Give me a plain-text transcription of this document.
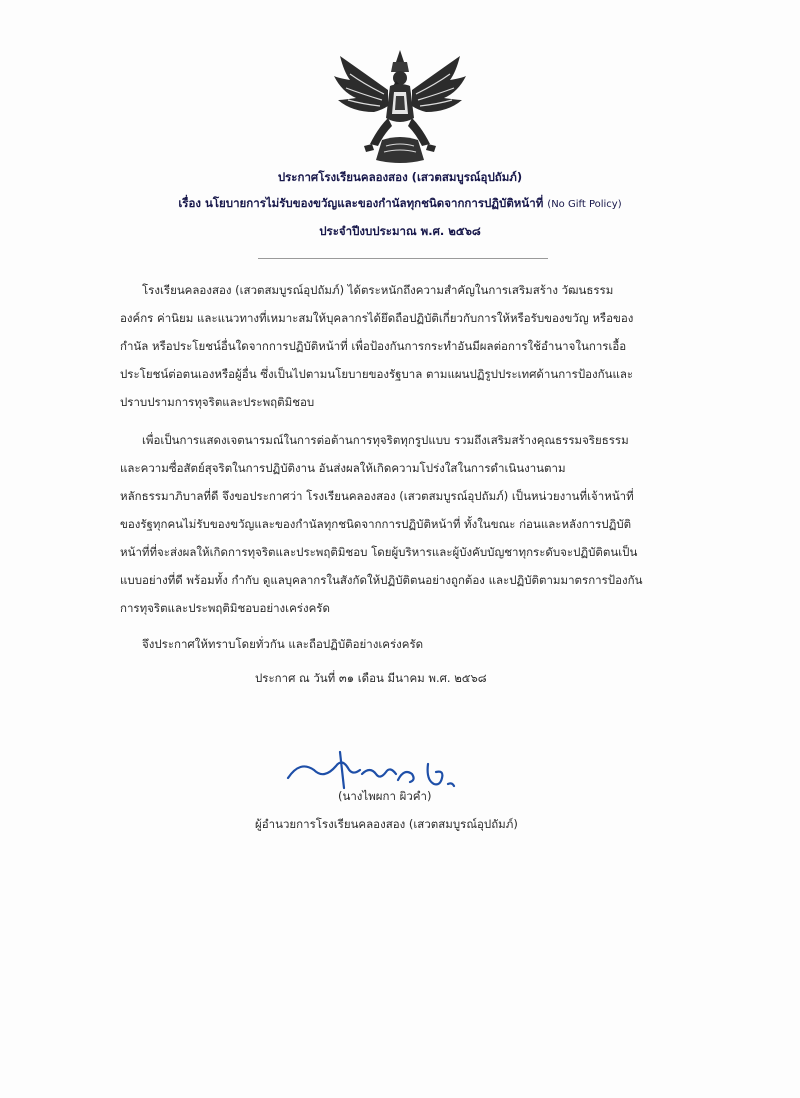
ประกาศโรงเรียนคลองสอง (เสวตสมบูรณ์อุปถัมภ์)
เรื่อง นโยบายการไม่รับของขวัญและของกำนัลทุกชนิดจากการปฏิบัติหน้าที่ (No Gift Policy)
ประจำปีงบประมาณ พ.ศ. ๒๕๖๘
โรงเรียนคลองสอง (เสวตสมบูรณ์อุปถัมภ์) ได้ตระหนักถึงความสำคัญในการเสริมสร้าง วัฒนธรรม
องค์กร ค่านิยม และแนวทางที่เหมาะสมให้บุคลากรได้ยึดถือปฏิบัติเกี่ยวกับการให้หรือรับของขวัญ หรือของ
กำนัล หรือประโยชน์อื่นใดจากการปฏิบัติหน้าที่ เพื่อป้องกันการกระทำอันมีผลต่อการใช้อำนาจในการเอื้อ
ประโยชน์ต่อตนเองหรือผู้อื่น ซึ่งเป็นไปตามนโยบายของรัฐบาล ตามแผนปฏิรูปประเทศด้านการป้องกันและ
ปราบปรามการทุจริตและประพฤติมิชอบ
เพื่อเป็นการแสดงเจตนารมณ์ในการต่อต้านการทุจริตทุกรูปแบบ รวมถึงเสริมสร้างคุณธรรมจริยธรรม
และความซื่อสัตย์สุจริตในการปฏิบัติงาน อันส่งผลให้เกิดความโปร่งใสในการดำเนินงานตาม
หลักธรรมาภิบาลที่ดี จึงขอประกาศว่า โรงเรียนคลองสอง (เสวตสมบูรณ์อุปถัมภ์) เป็นหน่วยงานที่เจ้าหน้าที่
ของรัฐทุกคนไม่รับของขวัญและของกำนัลทุกชนิดจากการปฏิบัติหน้าที่ ทั้งในขณะ ก่อนและหลังการปฏิบัติ
หน้าที่ที่จะส่งผลให้เกิดการทุจริตและประพฤติมิชอบ โดยผู้บริหารและผู้บังคับบัญชาทุกระดับจะปฏิบัติตนเป็น
แบบอย่างที่ดี พร้อมทั้ง กำกับ ดูแลบุคลากรในสังกัดให้ปฏิบัติตนอย่างถูกต้อง และปฏิบัติตามมาตรการป้องกัน
การทุจริตและประพฤติมิชอบอย่างเคร่งครัด
จึงประกาศให้ทราบโดยทั่วกัน และถือปฏิบัติอย่างเคร่งครัด
ประกาศ ณ วันที่ ๓๑ เดือน มีนาคม พ.ศ. ๒๕๖๘
(นางไพผกา ผิวคำ)
ผู้อำนวยการโรงเรียนคลองสอง (เสวตสมบูรณ์อุปถัมภ์)
